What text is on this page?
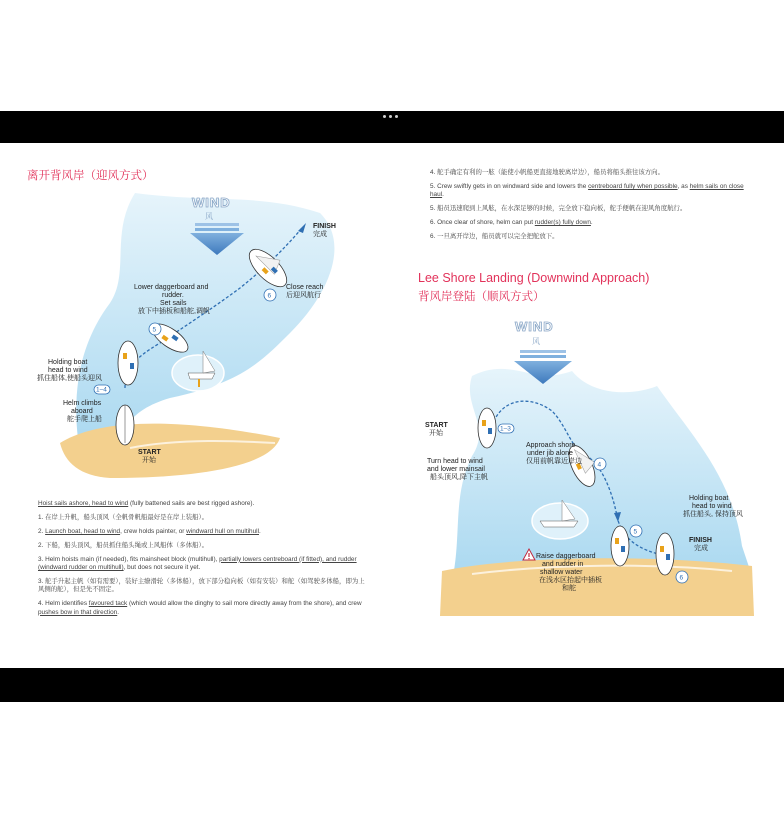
离开背风岸（迎风方式）
WIND
风
6
5
1–4
FINISH
完成
Close reach
后迎风航行
Lower daggerboard and
rudder.
Set sails
放下中插板和船舵,调帆
Holding boat
head to wind
抓住船体,使船头迎风
Helm climbs
aboard
舵手爬上船
START
开始

Hoist sails ashore, head to wind (fully battened sails are best rigged ashore).

1. 在岸上升帆，船头顶风（全帆骨帆船最好是在岸上装船）。

2. Launch boat, head to wind, crew holds painter, or windward hull on multihull.

2. 下船，船头顶风，船员抓住船头绳或上风船体（多体船）。

3. Helm hoists main (if needed), fits mainsheet block (multihull), partially lowers centreboard (if fitted), and rudder (windward rudder on multihull), but does not secure it yet.

3. 舵手升起主帆（如有需要），装好主缭滑轮（多体船），放下部分稳向板（如有安装）和舵（如驾驶多体船，即为上风侧的舵），但是先不固定。

4. Helm identifies favoured tack (which would allow the dinghy to sail more directly away from the shore), and crew pushes bow in that direction.

4. 舵手确定有利的一舷（能使小帆船更直接地驶离岸边），船员将船头推往该方向。

5. Crew swiftly gets in on windward side and lowers the centreboard fully when possible, as helm sails on close haul.

5. 船员迅速爬到上风舷，在水深足够的时候，完全放下稳向板，舵手便帆在迎风角度航行。

6. Once clear of shore, helm can put rudder(s) fully down.

6. 一旦离开岸边，船员就可以完全把舵放下。

Lee Shore Landing (Downwind Approach)
背风岸登陆（顺风方式）
WIND
风
1–3
4
5
6
START
开始
Turn head to wind
and lower mainsail
船头顶风,降下主帆
Approach shore
under jib alone
仅用前帆靠近岸边
Raise daggerboard
and rudder in
shallow water
在浅水区抬起中插板
和舵
Holding boat
head to wind
抓住船头, 保持顶风
FINISH
完成
